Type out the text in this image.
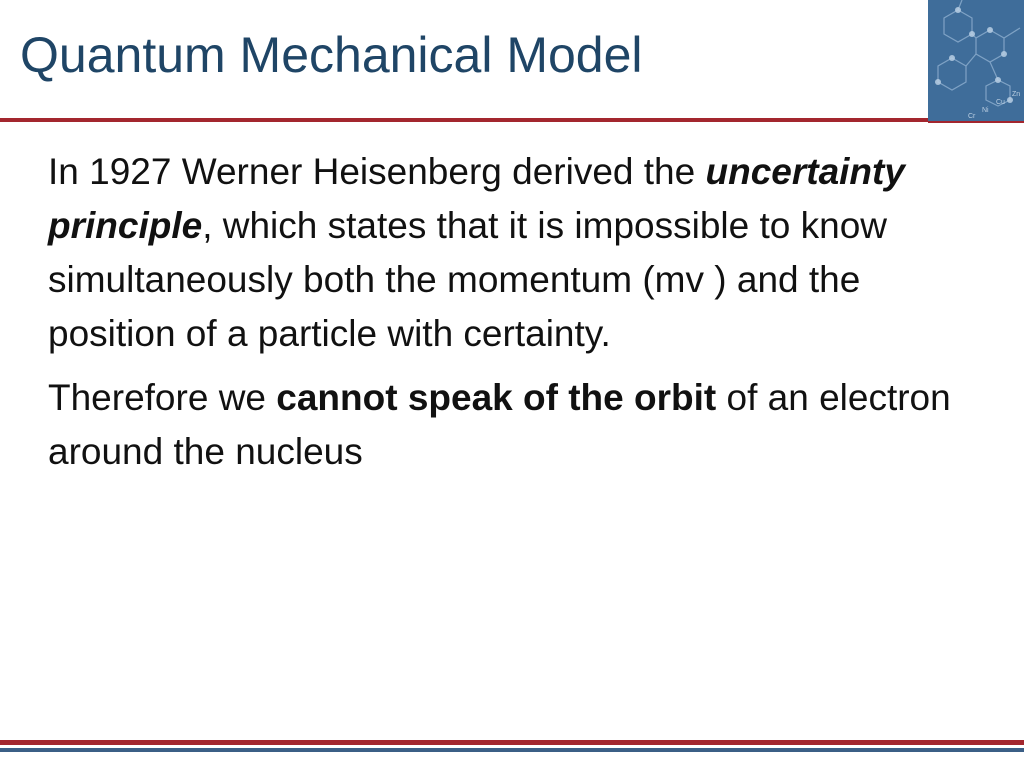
Quantum Mechanical Model
Cr
Ni
Cu
Zn

In 1927 Werner Heisenberg derived the uncertainty principle, which states that it is impossible to know simultaneously both the momentum (mv ) and the position of a particle with certainty.

Therefore we cannot speak of the orbit of an electron around the nucleus
